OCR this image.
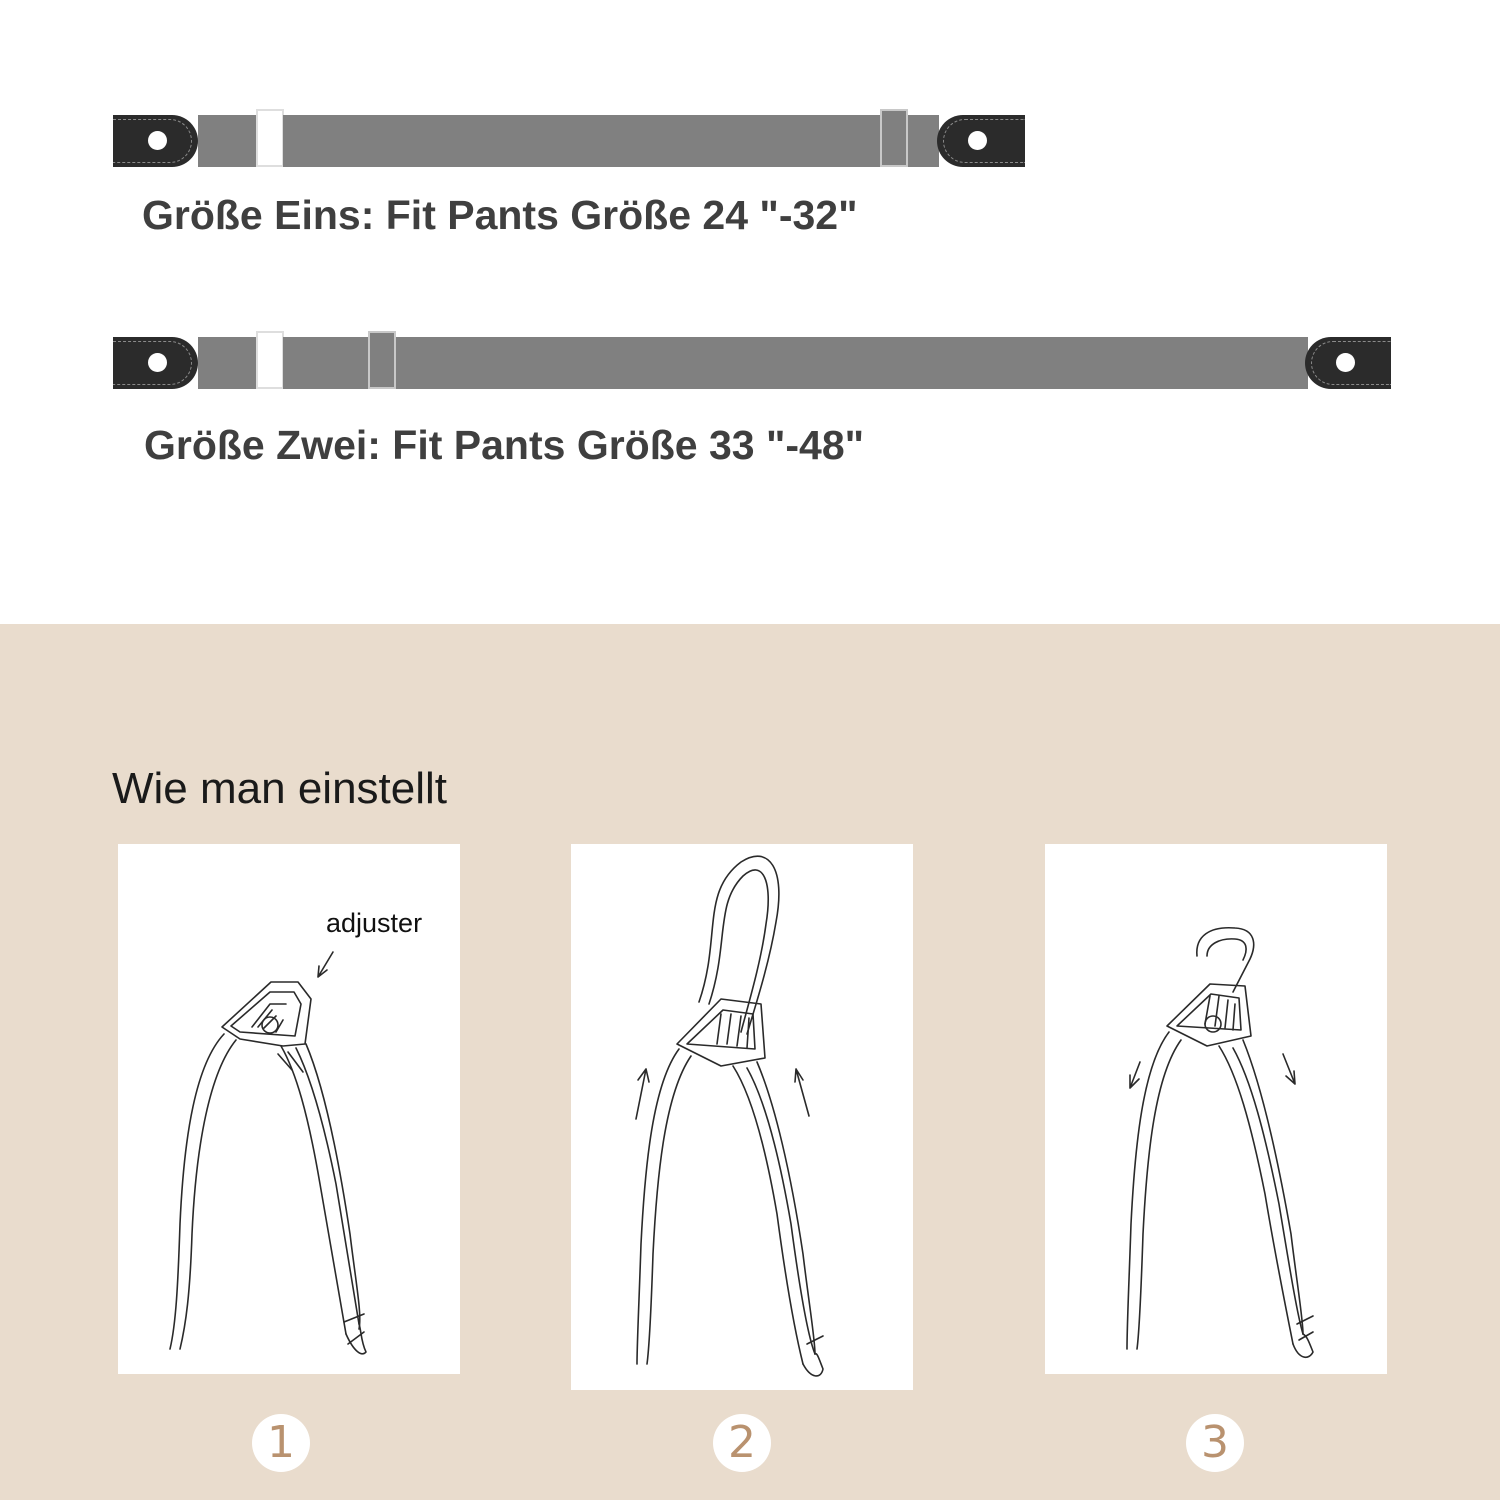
Größe Eins: Fit Pants Größe 24 "-32"

Größe Zwei: Fit Pants Größe 33 "-48"

Wie man einstellt
adjuster
1	2	3
